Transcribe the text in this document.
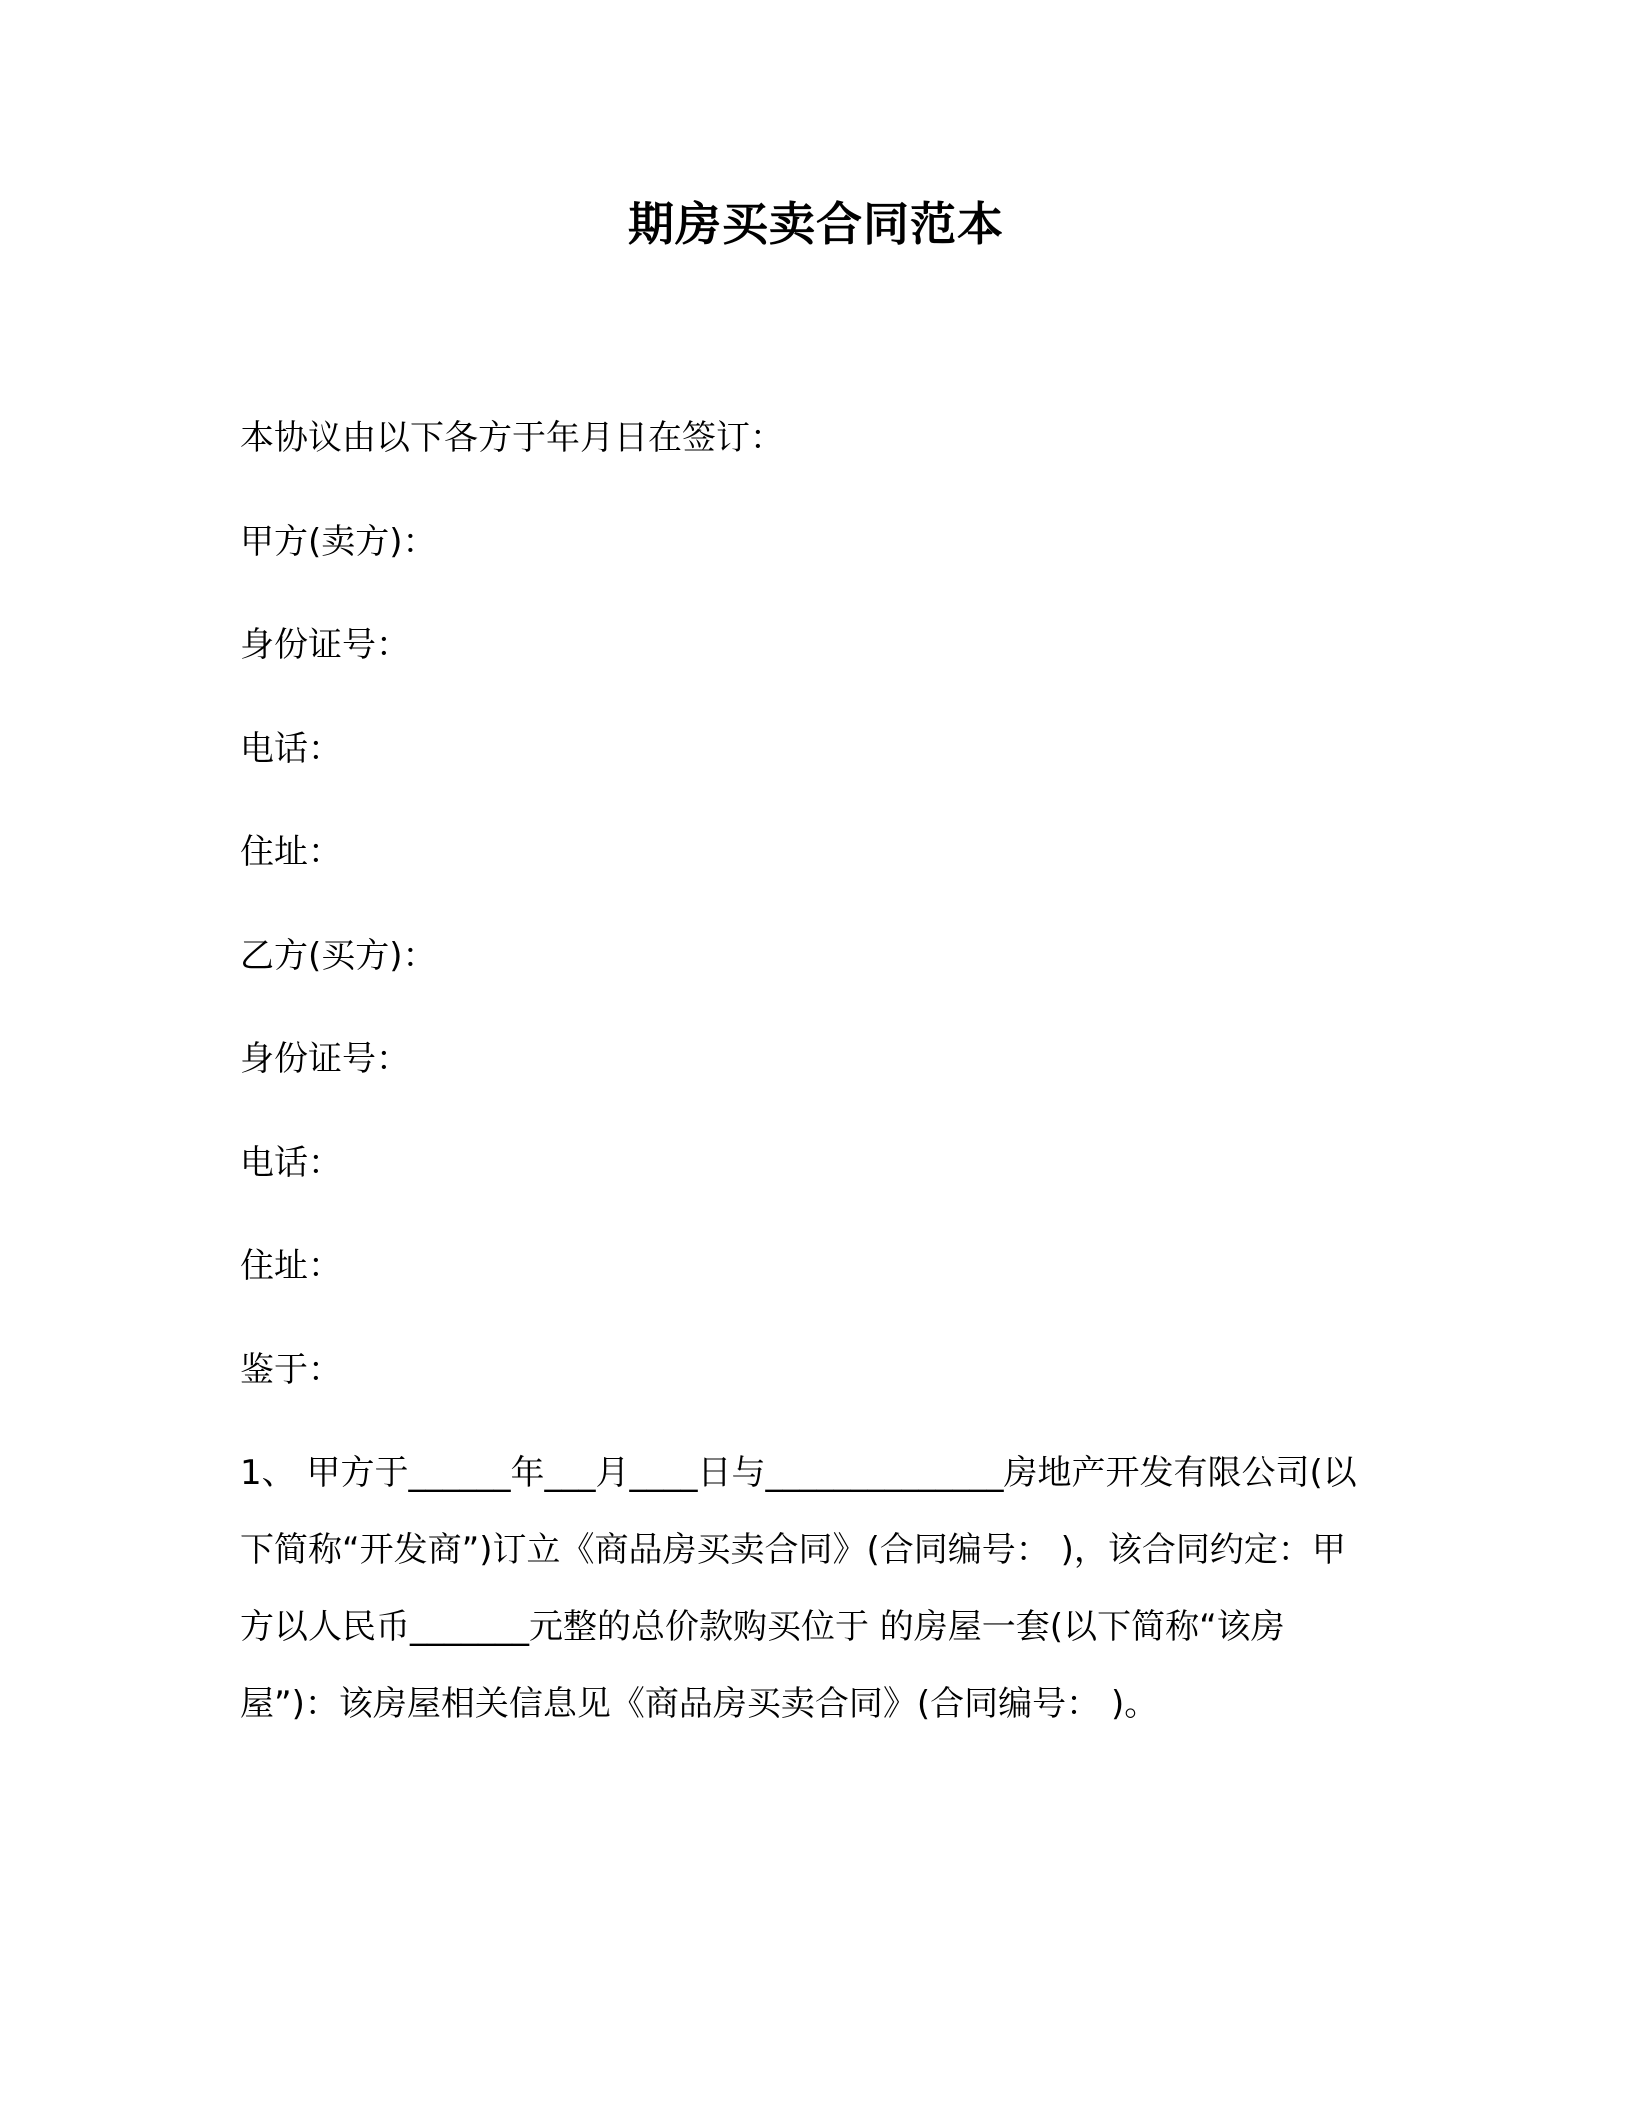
期房买卖合同范本
本协议由以下各方于年月日在签订：
甲方(卖方)：
身份证号：
电话：
住址：
乙方(买方)：
身份证号：
电话：
住址：
鉴于：
1、 甲方于______年___月____日与______________房地产开发有限公司(以下简称“开发商”)订立《商品房买卖合同》(合同编号： )，该合同约定：甲方以人民币_______元整的总价款购买位于 的房屋一套(以下简称“该房屋”)：该房屋相关信息见《商品房买卖合同》(合同编号： )。
